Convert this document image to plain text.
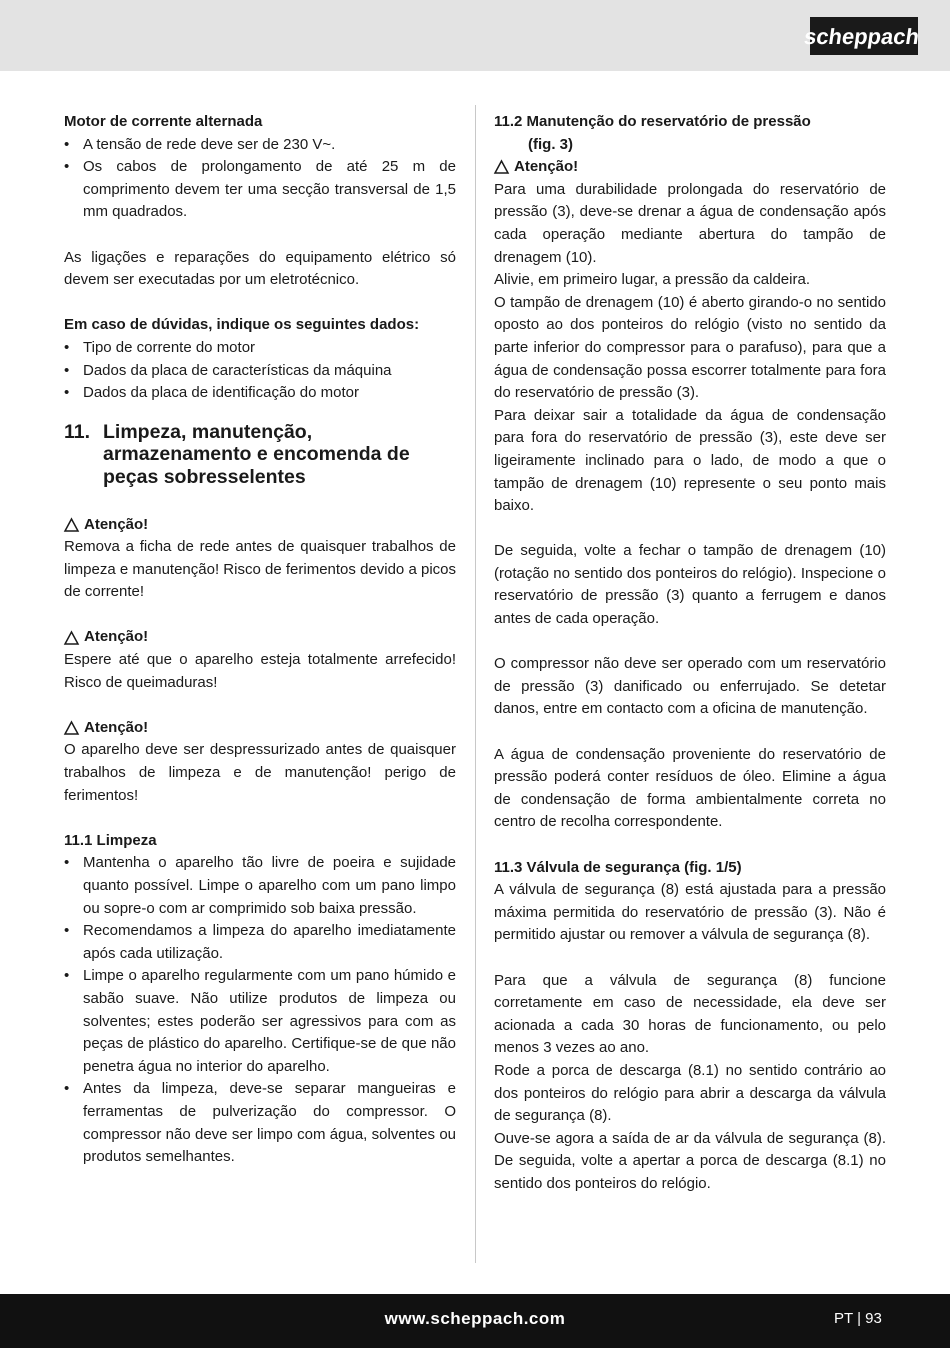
scheppach

Motor de corrente alternada

• A tensão de rede deve ser de 230 V~.
• Os cabos de prolongamento de até 25 m de comprimento devem ter uma secção transversal de 1,5 mm quadrados.

As ligações e reparações do equipamento elétrico só devem ser executadas por um eletrotécnico.

Em caso de dúvidas, indique os seguintes dados:

• Tipo de corrente do motor
• Dados da placa de características da máquina
• Dados da placa de identificação do motor
11. Limpeza, manutenção, armazenamento e encomenda de peças sobresselentes

Atenção!

Remova a ficha de rede antes de quaisquer trabalhos de limpeza e manutenção! Risco de ferimentos devido a picos de corrente!

Atenção!

Espere até que o aparelho esteja totalmente arrefecido! Risco de queimaduras!

Atenção!

O aparelho deve ser despressurizado antes de quaisquer trabalhos de limpeza e de manutenção! perigo de ferimentos!

11.1 Limpeza

• Mantenha o aparelho tão livre de poeira e sujidade quanto possível. Limpe o aparelho com um pano limpo ou sopre-o com ar comprimido sob baixa pressão.
• Recomendamos a limpeza do aparelho imediatamente após cada utilização.
• Limpe o aparelho regularmente com um pano húmido e sabão suave. Não utilize produtos de limpeza ou solventes; estes poderão ser agressivos para com as peças de plástico do aparelho. Certifique-se de que não penetra água no interior do aparelho.
• Antes da limpeza, deve-se separar mangueiras e ferramentas de pulverização do compressor. O compressor não deve ser limpo com água, solventes ou produtos semelhantes.

11.2 Manutenção do reservatório de pressão

(fig. 3)

Atenção!

Para uma durabilidade prolongada do reservatório de pressão (3), deve-se drenar a água de condensação após cada operação mediante abertura do tampão de drenagem (10).

Alivie, em primeiro lugar, a pressão da caldeira.

O tampão de drenagem (10) é aberto girando-o no sentido oposto ao dos ponteiros do relógio (visto no sentido da parte inferior do compressor para o parafuso), para que a água de condensação possa escorrer totalmente para fora do reservatório de pressão (3).

Para deixar sair a totalidade da água de condensação para fora do reservatório de pressão (3), este deve ser ligeiramente inclinado para o lado, de modo a que o tampão de drenagem (10) represente o seu ponto mais baixo.

De seguida, volte a fechar o tampão de drenagem (10) (rotação no sentido dos ponteiros do relógio). Inspecione o reservatório de pressão (3) quanto a ferrugem e danos antes de cada operação.

O compressor não deve ser operado com um reservatório de pressão (3) danificado ou enferrujado. Se detetar danos, entre em contacto com a oficina de manutenção.

A água de condensação proveniente do reservatório de pressão poderá conter resíduos de óleo. Elimine a água de condensação de forma ambientalmente correta no centro de recolha correspondente.

11.3 Válvula de segurança (fig. 1/5)

A válvula de segurança (8) está ajustada para a pressão máxima permitida do reservatório de pressão (3). Não é permitido ajustar ou remover a válvula de segurança (8).

Para que a válvula de segurança (8) funcione corretamente em caso de necessidade, ela deve ser acionada a cada 30 horas de funcionamento, ou pelo menos 3 vezes ao ano.

Rode a porca de descarga (8.1) no sentido contrário ao dos ponteiros do relógio para abrir a descarga da válvula de segurança (8).

Ouve-se agora a saída de ar da válvula de segurança (8). De seguida, volte a apertar a porca de descarga (8.1) no sentido dos ponteiros do relógio.

www.scheppach.com	PT | 93
